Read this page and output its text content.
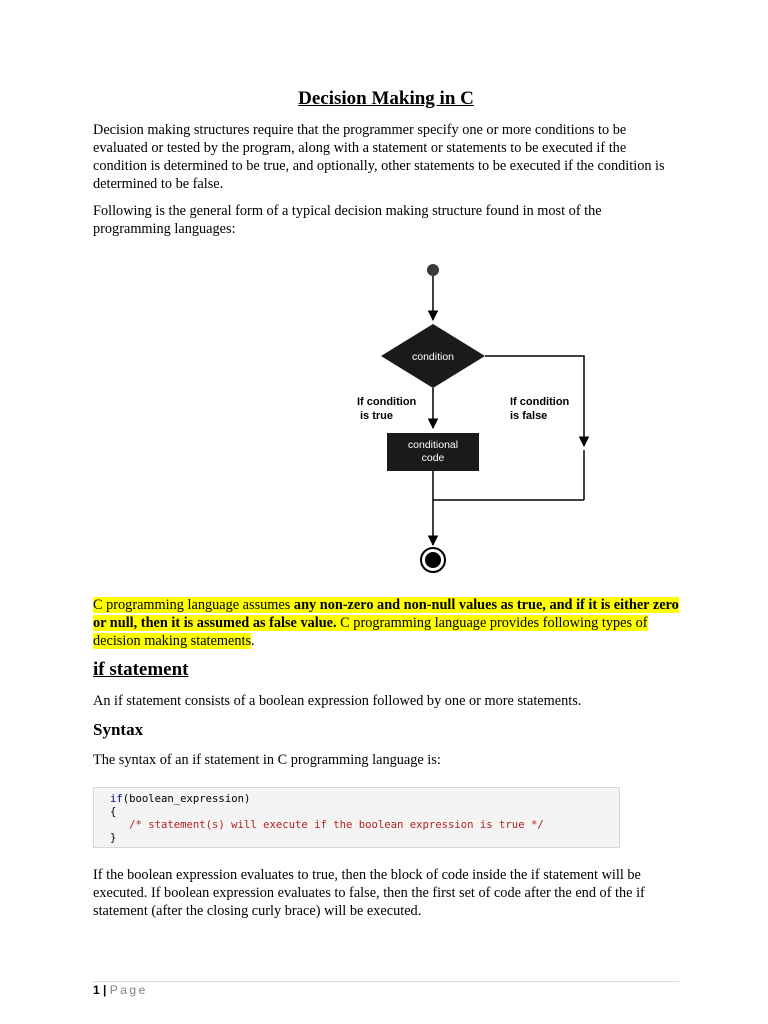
Decision Making in C

Decision making structures require that the programmer specify one or more conditions to be evaluated or tested by the program, along with a statement or statements to be executed if the condition is determined to be true, and optionally, other statements to be executed if the condition is determined to be false.

Following is the general form of a typical decision making structure found in most of the programming languages:

condition
If condition
is true
If condition
is false
conditional
code

C programming language assumes any non-zero and non-null values as true, and if it is either zero or null, then it is assumed as false value. C programming language provides following types of decision making statements.

if statement

An if statement consists of a boolean expression followed by one or more statements.

Syntax

The syntax of an if statement in C programming language is:

If the boolean expression evaluates to true, then the block of code inside the if statement will be executed. If boolean expression evaluates to false, then the first set of code after the end of the if statement (after the closing curly brace) will be executed.

if(boolean_expression)
{
/* statement(s) will execute if the boolean expression is true */
}
1 | Page
